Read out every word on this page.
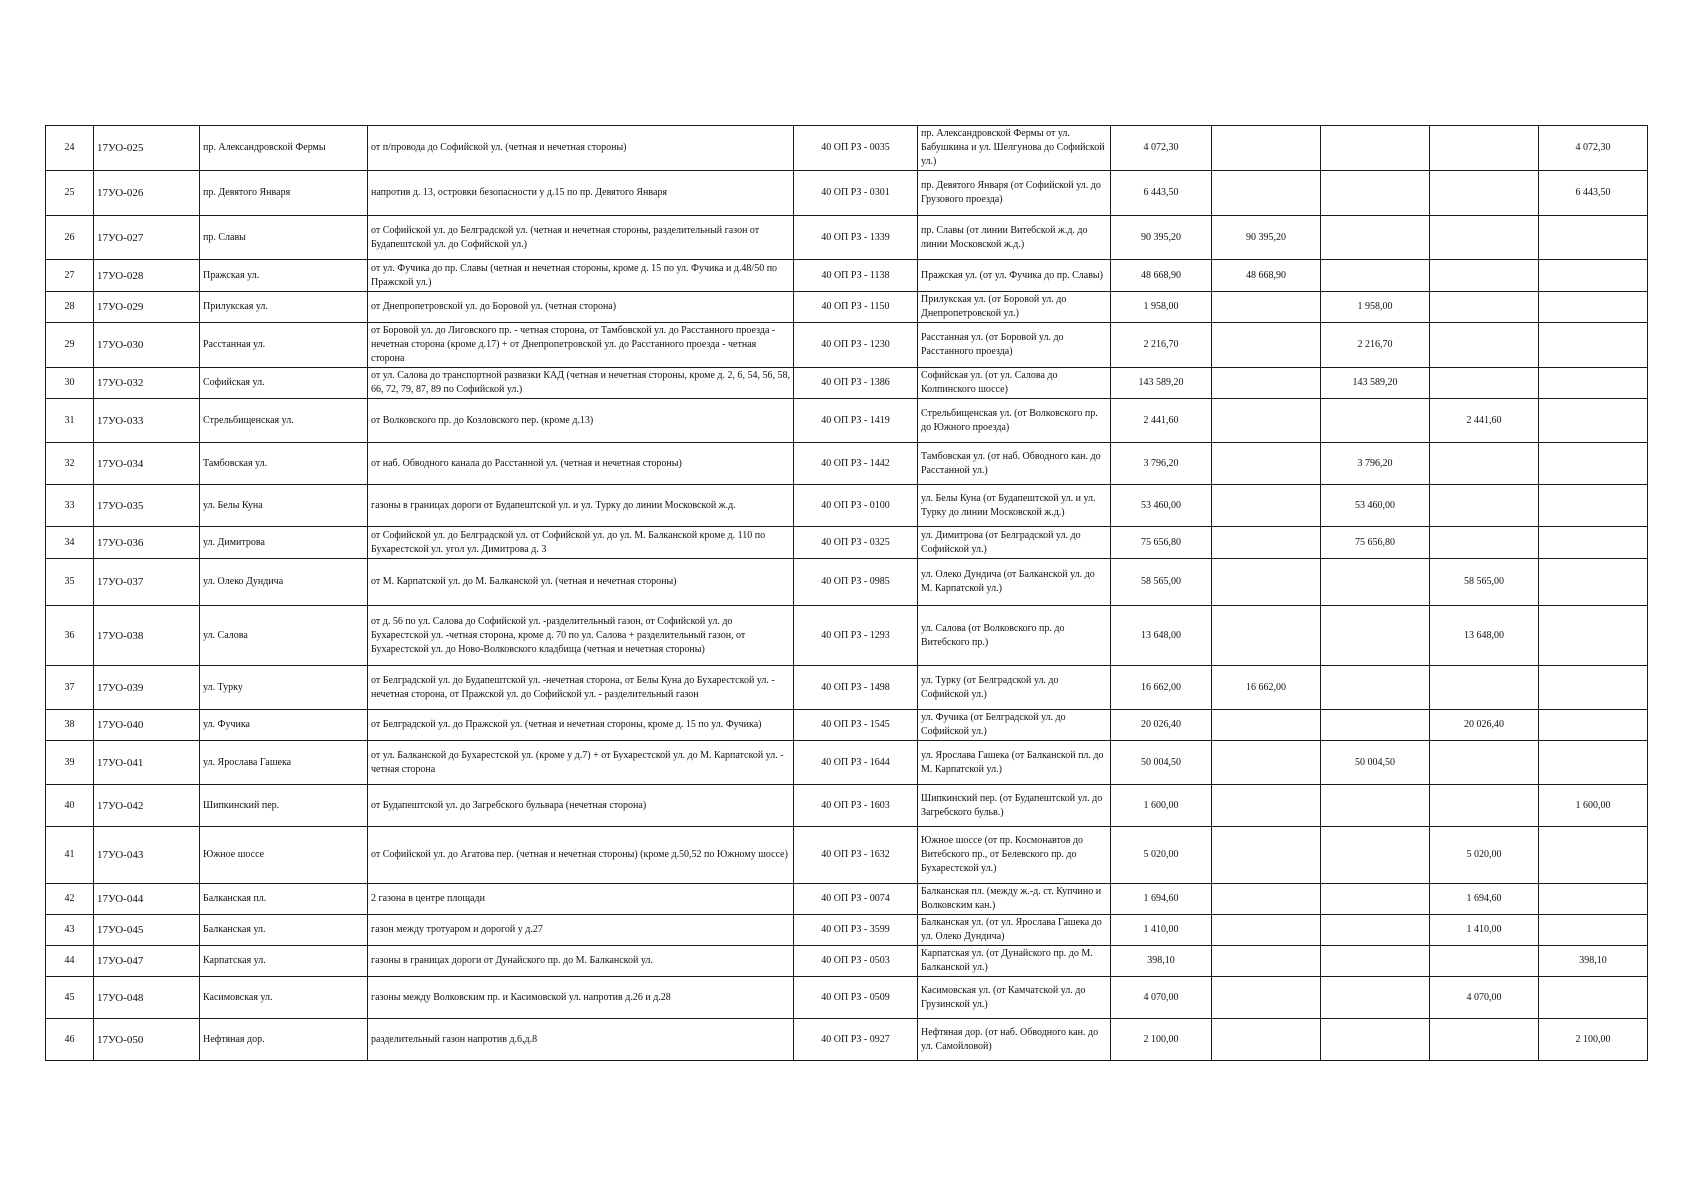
24	17УО-025	пр. Александровской Фермы	от п/провода до Софийской ул. (четная и нечетная стороны)	40 ОП РЗ - 0035	пр. Александровской Фермы от ул. Бабушкина и ул. Шелгунова до Софийской ул.)	4 072,30				4 072,30
25	17УО-026	пр. Девятого Января	напротив д. 13, островки безопасности у д.15 по пр. Девятого Января	40 ОП РЗ - 0301	пр. Девятого Января (от Софийской ул. до Грузового проезда)	6 443,50				6 443,50
26	17УО-027	пр. Славы	от Софийской ул. до Белградской ул. (четная и нечетная стороны, разделительный газон от Будапештской ул. до Софийской ул.)	40 ОП РЗ - 1339	пр. Славы (от линии Витебской ж.д. до линии Московской ж.д.)	90 395,20	90 395,20			
27	17УО-028	Пражская ул.	от ул. Фучика до пр. Славы (четная и нечетная стороны, кроме д. 15 по ул. Фучика и д.48/50 по Пражской ул.)	40 ОП РЗ - 1138	Пражская ул. (от ул. Фучика до пр. Славы)	48 668,90	48 668,90			
28	17УО-029	Прилукская ул.	от Днепропетровской ул. до Боровой ул. (четная сторона)	40 ОП РЗ - 1150	Прилукская ул. (от Боровой ул. до Днепропетровской ул.)	1 958,00		1 958,00		
29	17УО-030	Расстанная ул.	от Боровой ул. до Лиговского пр. - четная сторона, от Тамбовской ул. до Расстанного проезда - нечетная сторона (кроме д.17) + от Днепропетровской ул. до Расстанного проезда - четная сторона	40 ОП РЗ - 1230	Расстанная ул. (от Боровой ул. до Расстанного проезда)	2 216,70		2 216,70		
30	17УО-032	Софийская ул.	от ул. Салова до транспортной развязки КАД (четная и нечетная стороны, кроме д. 2, 6, 54, 56, 58, 66, 72, 79, 87, 89 по Софийской ул.)	40 ОП РЗ - 1386	Софийская ул. (от ул. Салова до Колпинского шоссе)	143 589,20		143 589,20		
31	17УО-033	Стрельбищенская ул.	от Волковского пр. до Козловского пер. (кроме д.13)	40 ОП РЗ - 1419	Стрельбищенская ул. (от Волковского пр. до Южного проезда)	2 441,60			2 441,60	
32	17УО-034	Тамбовская ул.	от наб. Обводного канала до Расстанной ул. (четная и нечетная стороны)	40 ОП РЗ - 1442	Тамбовская ул. (от наб. Обводного кан. до Расстанной ул.)	3 796,20		3 796,20		
33	17УО-035	ул. Белы Куна	газоны в границах дороги от Будапештской ул. и ул. Турку до линии Московской ж.д.	40 ОП РЗ - 0100	ул. Белы Куна (от Будапештской ул. и ул. Турку до линии Московской ж.д.)	53 460,00		53 460,00		
34	17УО-036	ул. Димитрова	от Софийской ул. до Белградской ул. от Софийской ул. до ул. М. Балканской кроме д. 110 по Бухарестской ул. угол ул. Димитрова д. 3	40 ОП РЗ - 0325	ул. Димитрова (от Белградской ул. до Софийской ул.)	75 656,80		75 656,80		
35	17УО-037	ул. Олеко Дундича	от М. Карпатской ул. до М. Балканской ул. (четная и нечетная стороны)	40 ОП РЗ - 0985	ул. Олеко Дундича (от Балканской ул. до М. Карпатской ул.)	58 565,00			58 565,00	
36	17УО-038	ул. Салова	от д. 56 по ул. Салова до Софийской ул. -разделительный газон, от Софийской ул. до Бухарестской ул. -четная сторона, кроме д. 70 по ул. Салова + разделительный газон, от Бухарестской ул. до Ново-Волковского кладбища (четная и нечетная стороны)	40 ОП РЗ - 1293	ул. Салова (от Волковского пр. до Витебского пр.)	13 648,00			13 648,00	
37	17УО-039	ул. Турку	от Белградской ул. до Будапештской ул. -нечетная сторона, от Белы Куна до Бухарестской ул. - нечетная сторона, от Пражской ул. до Софийской ул. - разделительный газон	40 ОП РЗ - 1498	ул. Турку (от Белградской ул. до Софийской ул.)	16 662,00	16 662,00			
38	17УО-040	ул. Фучика	от Белградской ул. до Пражской ул. (четная и нечетная стороны, кроме д. 15 по ул. Фучика)	40 ОП РЗ - 1545	ул. Фучика (от Белградской ул. до Софийской ул.)	20 026,40			20 026,40	
39	17УО-041	ул. Ярослава Гашека	от ул. Балканской до Бухарестской ул. (кроме у д.7) + от Бухарестской ул. до М. Карпатской ул. - четная сторона	40 ОП РЗ - 1644	ул. Ярослава Гашека (от Балканской пл. до М. Карпатской ул.)	50 004,50		50 004,50		
40	17УО-042	Шипкинский пер.	от Будапештской ул. до Загребского бульвара (нечетная сторона)	40 ОП РЗ - 1603	Шипкинский пер. (от Будапештской ул. до Загребского бульв.)	1 600,00				1 600,00
41	17УО-043	Южное шоссе	от Софийской ул. до Агатова пер. (четная и нечетная стороны) (кроме д.50,52 по Южному шоссе)	40 ОП РЗ - 1632	Южное шоссе (от пр. Космонавтов до Витебского пр., от Белевского пр. до Бухарестской ул.)	5 020,00			5 020,00	
42	17УО-044	Балканская пл.	2 газона в центре площади	40 ОП РЗ - 0074	Балканская пл. (между ж.-д. ст. Купчино и Волковским кан.)	1 694,60			1 694,60	
43	17УО-045	Балканская ул.	газон между тротуаром и дорогой у д.27	40 ОП РЗ - 3599	Балканская ул. (от ул. Ярослава Гашека до ул. Олеко Дундича)	1 410,00			1 410,00	
44	17УО-047	Карпатская ул.	газоны в границах дороги от Дунайского пр. до М. Балканской ул.	40 ОП РЗ - 0503	Карпатская ул. (от Дунайского пр. до М. Балканской ул.)	398,10				398,10
45	17УО-048	Касимовская ул.	газоны между Волковским пр. и Касимовской ул. напротив д.26 и д.28	40 ОП РЗ - 0509	Касимовская ул. (от Камчатской ул. до Грузинской ул.)	4 070,00			4 070,00	
46	17УО-050	Нефтяная дор.	разделительный газон напротив д.6,д.8	40 ОП РЗ - 0927	Нефтяная дор. (от наб. Обводного кан. до ул. Самойловой)	2 100,00				2 100,00
